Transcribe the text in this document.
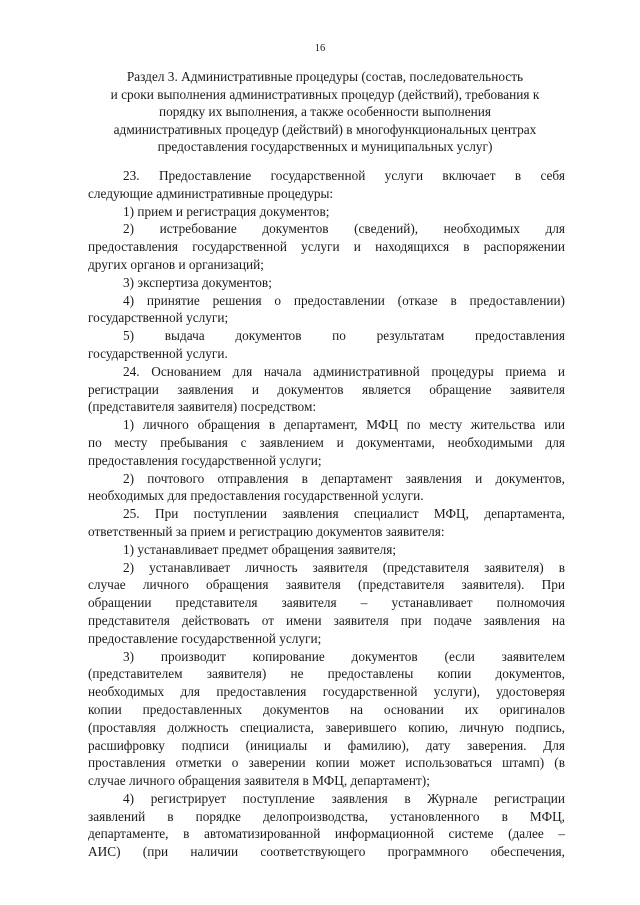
16
Раздел 3. Административные процедуры (состав, последовательность
и сроки выполнения административных процедур (действий), требования к
порядку их выполнения, а также особенности выполнения
административных процедур (действий) в многофункциональных центрах
предоставления государственных и муниципальных услуг)
23. Предоставление государственной услуги включает в себя
следующие административные процедуры:
1) прием и регистрация документов;
2) истребование документов (сведений), необходимых для
предоставления государственной услуги и находящихся в распоряжении
других органов и организаций;
3) экспертиза документов;
4) принятие решения о предоставлении (отказе в предоставлении)
государственной услуги;
5) выдача документов по результатам предоставления
государственной услуги.
24. Основанием для начала административной процедуры приема и
регистрации заявления и документов является обращение заявителя
(представителя заявителя) посредством:
1) личного обращения в департамент, МФЦ по месту жительства или
по месту пребывания с заявлением и документами, необходимыми для
предоставления государственной услуги;
2) почтового отправления в департамент заявления и документов,
необходимых для предоставления государственной услуги.
25. При поступлении заявления специалист МФЦ, департамента,
ответственный за прием и регистрацию документов заявителя:
1) устанавливает предмет обращения заявителя;
2) устанавливает личность заявителя (представителя заявителя) в
случае личного обращения заявителя (представителя заявителя). При
обращении представителя заявителя – устанавливает полномочия
представителя действовать от имени заявителя при подаче заявления на
предоставление государственной услуги;
3) производит копирование документов (если заявителем
(представителем заявителя) не предоставлены копии документов,
необходимых для предоставления государственной услуги), удостоверяя
копии предоставленных документов на основании их оригиналов
(проставляя должность специалиста, заверившего копию, личную подпись,
расшифровку подписи (инициалы и фамилию), дату заверения. Для
проставления отметки о заверении копии может использоваться штамп) (в
случае личного обращения заявителя в МФЦ, департамент);
4) регистрирует поступление заявления в Журнале регистрации
заявлений в порядке делопроизводства, установленного в МФЦ,
департаменте, в автоматизированной информационной системе (далее –
АИС) (при наличии соответствующего программного обеспечения,
